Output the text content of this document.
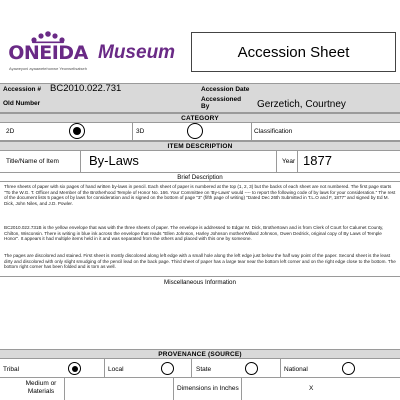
ONEIDA
Ayaweyoni ayaawetehonwe Yeonwelisatseh
Museum	Accession Sheet
Accession # BC2010.022.731	Accession Date
Old Number
Accessioned By	Gerzetich, Courtney
CATEGORY
2D	3D	Classification
ITEM DESCRIPTION
Title/Name of Item By-Laws	Year 1877
Brief Description
Three sheets of paper with six pages of hand written by-laws in pencil. Each sheet of paper is numbered at the top (1, 2, 3) but the backs of each sheet are not numbered. The first page starts "To the W.G. T. Officer and Member of the Brotherhood Temple of Honor No. 166. Your Committee on 'By-Laws' would ---- to report the following code of by laws for your consideration." The rest of the document lists 5 pages of by laws for consideration and is signed on the bottom of page "3" (fifth page of writing) "Dated Dec 26th Submitted in T.L.O and F, 1877" and signed by Ed M. Dick, John Niles, and J.D. Powler.
BC2010.022.731B is the yellow envelope that was with the three sheets of paper. The envelope is addressed to Edgar M. Dick, Brothertown and is from Clerk of Court for Calumet County, Chilton, Wisconsin. There is writing in blue ink across the envelope that reads "Ellen Johnson, Harley Johnson mother/Willard Johnson, Owen Dedrick, original copy of By Laws of Temple Honor". It appears it had multiple items held in it and was separated from the others and placed with this one by someone.
The pages are discolored and stained. First sheet is mostly discolored along left edge with a small hole along the left edge just below the half way point of the paper. Second sheet is the least dirty and discolored with only slight smudging of the pencil lead on the back page. Third sheet of paper has a large tear near the bottom left corner and on the right edge close to the bottom. The bottom right corner has been folded and is torn as well.
Miscellaneous Information
PROVENANCE (SOURCE)
Tribal	Local	State	National
Medium or Materials	Dimensions in Inches	X
